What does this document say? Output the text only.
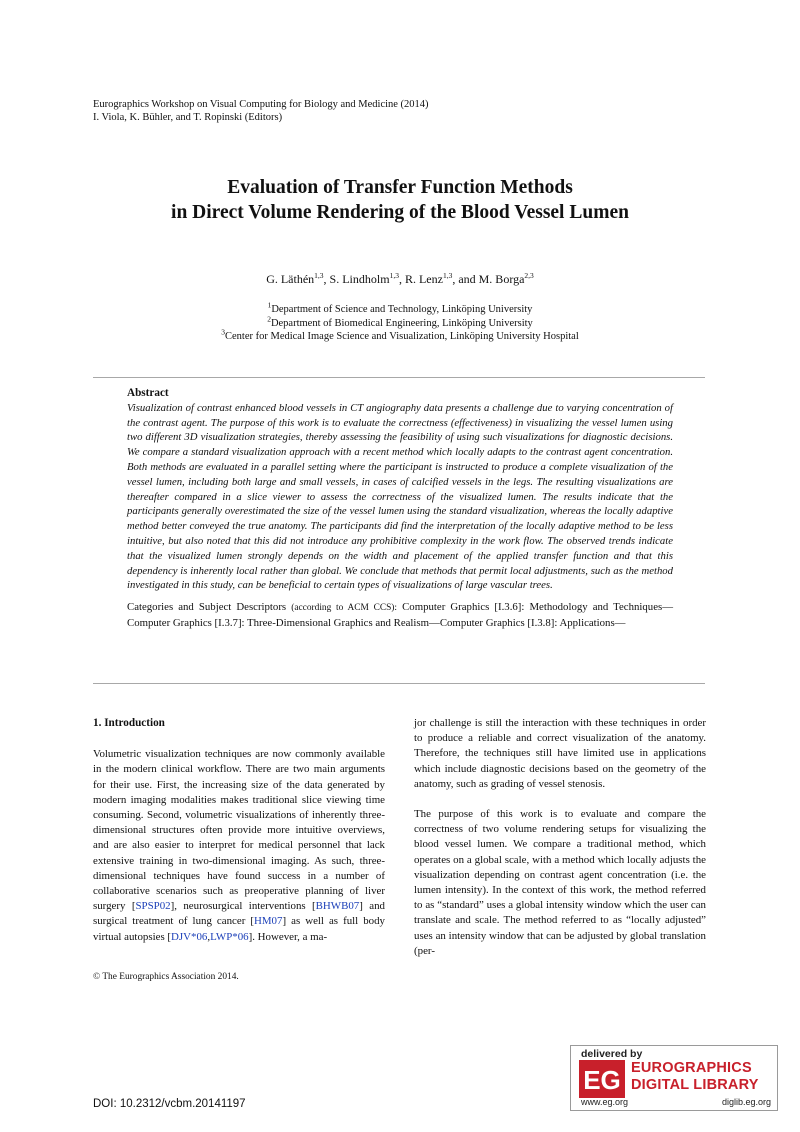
Eurographics Workshop on Visual Computing for Biology and Medicine (2014)
I. Viola, K. Bühler, and T. Ropinski (Editors)
Evaluation of Transfer Function Methods
in Direct Volume Rendering of the Blood Vessel Lumen
G. Läthén$^{1,3}$, S. Lindholm$^{1,3}$, R. Lenz$^{1,3}$, and M. Borga$^{2,3}$
$^1$Department of Science and Technology, Linköping University
$^2$Department of Biomedical Engineering, Linköping University
$^3$Center for Medical Image Science and Visualization, Linköping University Hospital
Abstract
Visualization of contrast enhanced blood vessels in CT angiography data presents a challenge due to varying concentration of the contrast agent. The purpose of this work is to evaluate the correctness (effectiveness) in visualizing the vessel lumen using two different 3D visualization strategies, thereby assessing the feasibility of using such visualizations for diagnostic decisions. We compare a standard visualization approach with a recent method which locally adapts to the contrast agent concentration. Both methods are evaluated in a parallel setting where the participant is instructed to produce a complete visualization of the vessel lumen, including both large and small vessels, in cases of calcified vessels in the legs. The resulting visualizations are thereafter compared in a slice viewer to assess the correctness of the visualized lumen. The results indicate that the participants generally overestimated the size of the vessel lumen using the standard visualization, whereas the locally adaptive method better conveyed the true anatomy. The participants did find the interpretation of the locally adaptive method to be less intuitive, but also noted that this did not introduce any prohibitive complexity in the work flow. The observed trends indicate that the visualized lumen strongly depends on the width and placement of the applied transfer function and that this dependency is inherently local rather than global. We conclude that methods that permit local adjustments, such as the method investigated in this study, can be beneficial to certain types of visualizations of large vascular trees.
Categories and Subject Descriptors (according to ACM CCS): Computer Graphics [I.3.6]: Methodology and Techniques—Computer Graphics [I.3.7]: Three-Dimensional Graphics and Realism—Computer Graphics [I.3.8]: Applications—
1. Introduction

Volumetric visualization techniques are now commonly available in the modern clinical workflow. There are two main arguments for their use. First, the increasing size of the data generated by modern imaging modalities makes traditional slice viewing time consuming. Second, volumetric visualizations of inherently three-dimensional structures often provide more intuitive overviews, and are also easier to interpret for medical personnel that lack extensive training in two-dimensional imaging. As such, three-dimensional techniques have found success in a number of collaborative scenarios such as preoperative planning of liver surgery [SPSP02], neurosurgical interventions [BHWB07] and surgical treatment of lung cancer [HM07] as well as full body virtual autopsies [DJV*06,LWP*06]. However, a ma-

jor challenge is still the interaction with these techniques in order to produce a reliable and correct visualization of the anatomy. Therefore, the techniques still have limited use in applications which include diagnostic decisions based on the geometry of the anatomy, such as grading of vessel stenosis.

The purpose of this work is to evaluate and compare the correctness of two volume rendering setups for visualizing the blood vessel lumen. We compare a traditional method, which operates on a global scale, with a method which locally adjusts the visualization depending on contrast agent concentration (i.e. the lumen intensity). In the context of this work, the method referred to as “standard” uses a global intensity window which the user can translate and scale. The method referred to as “locally adjusted” uses an intensity window that can be adjusted by global translation (per-

© The Eurographics Association 2014.
DOI: 10.2312/vcbm.20141197
delivered by
EG EUROGRAPHICS
DIGITAL LIBRARY
www.eg.org	diglib.eg.org
